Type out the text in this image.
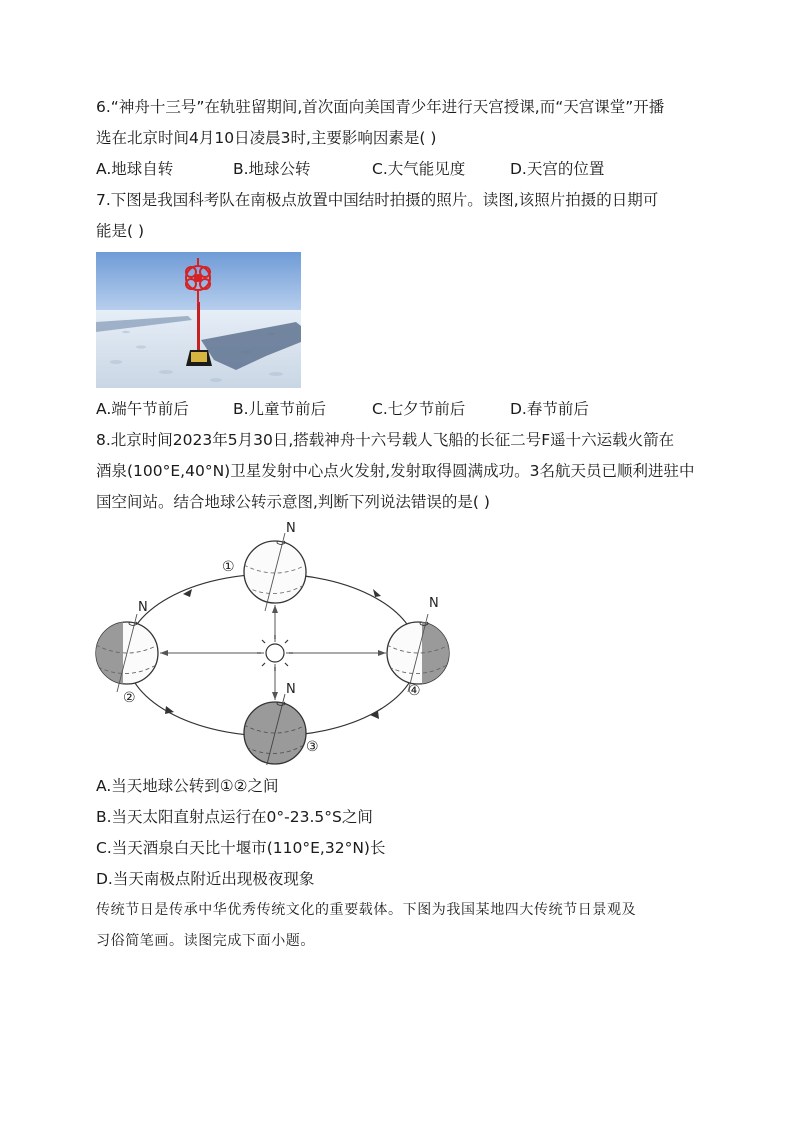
6.“神舟十三号”在轨驻留期间,首次面向美国青少年进行天宫授课,而“天宫课堂”开播
选在北京时间4月10日凌晨3时,主要影响因素是( )
A.地球自转	B.地球公转	C.大气能见度	D.天宫的位置
7.下图是我国科考队在南极点放置中国结时拍摄的照片。读图,该照片拍摄的日期可
能是( )
A.端午节前后	B.儿童节前后	C.七夕节前后	D.春节前后
8.北京时间2023年5月30日,搭载神舟十六号载人飞船的长征二号F遥十六运载火箭在
酒泉(100°E,40°N)卫星发射中心点火发射,发射取得圆满成功。3名航天员已顺利进驻中
国空间站。结合地球公转示意图,判断下列说法错误的是( )
N
N
N
N
①
②
③
④
A.当天地球公转到①②之间
B.当天太阳直射点运行在0°-23.5°S之间
C.当天酒泉白天比十堰市(110°E,32°N)长
D.当天南极点附近出现极夜现象
传统节日是传承中华优秀传统文化的重要载体。下图为我国某地四大传统节日景观及
习俗简笔画。读图完成下面小题。
